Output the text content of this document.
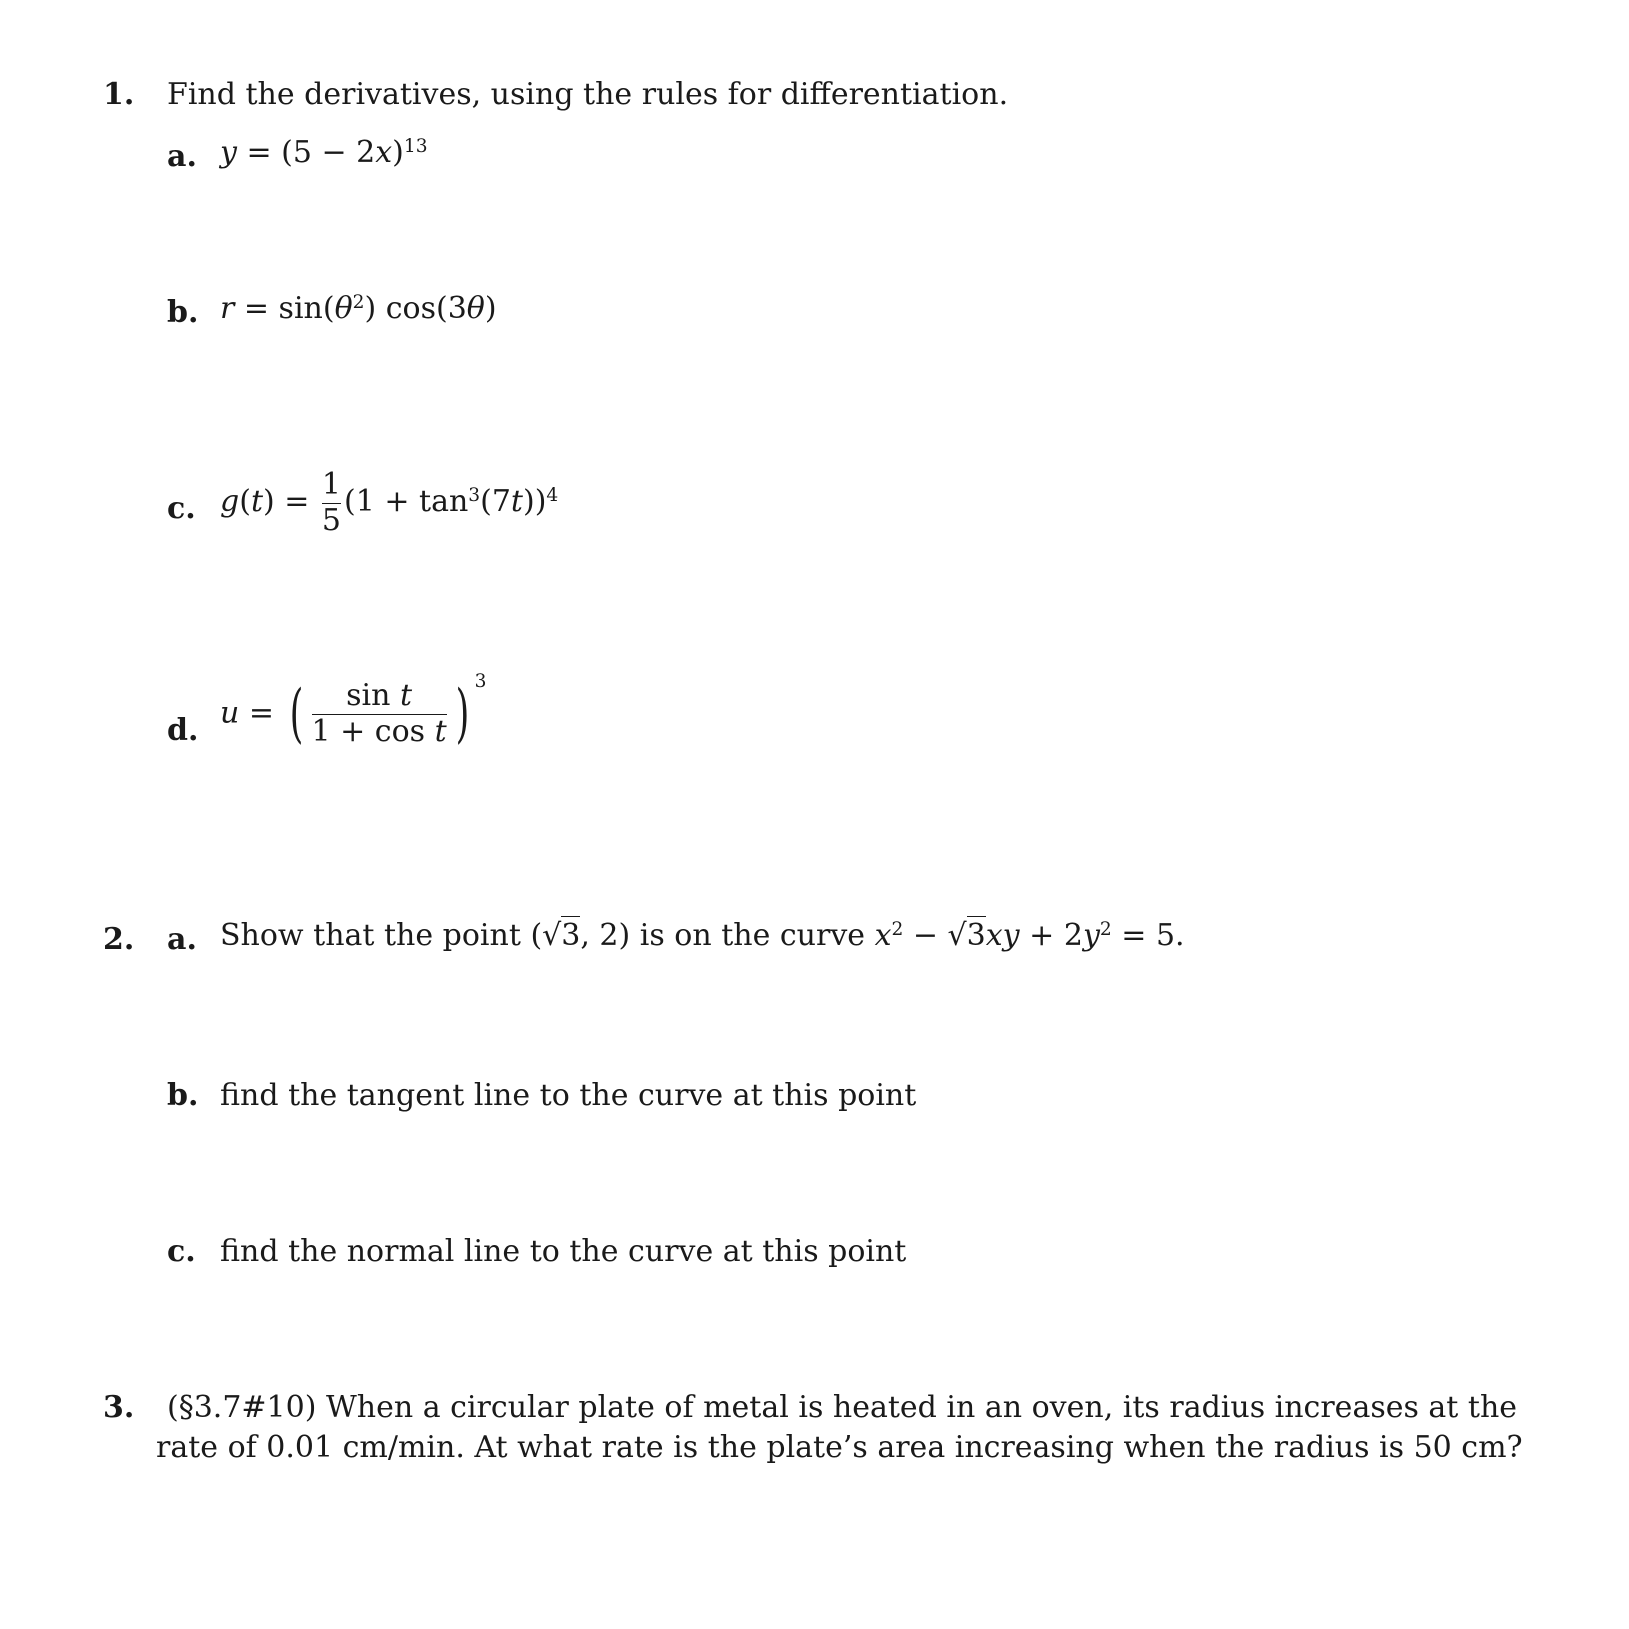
1. Find the derivatives, using the rules for differentiation.
a. $y = (5 - 2x)^{13}$
b. $r = \sin(\theta^2)$ cos(3θ)
c. $g(t) = \frac{1}{5} (1 + \tan^3(7t))^4$
d.
u = ( $\frac{\text{sin t}}{\text{1 + cos t}}$ ) $^3$
2. a. Show that the point (√3, 2) is on the curve $x^2 - √3xy + 2y^2 = 5$.
b. find the tangent line to the curve at this point
c. find the normal line to the curve at this point
3. (§3.7#10) When a circular plate of metal is heated in an oven, its radius increases at the
rate of 0.01 cm/min. At what rate is the plate’s area increasing when the radius is 50 cm?
